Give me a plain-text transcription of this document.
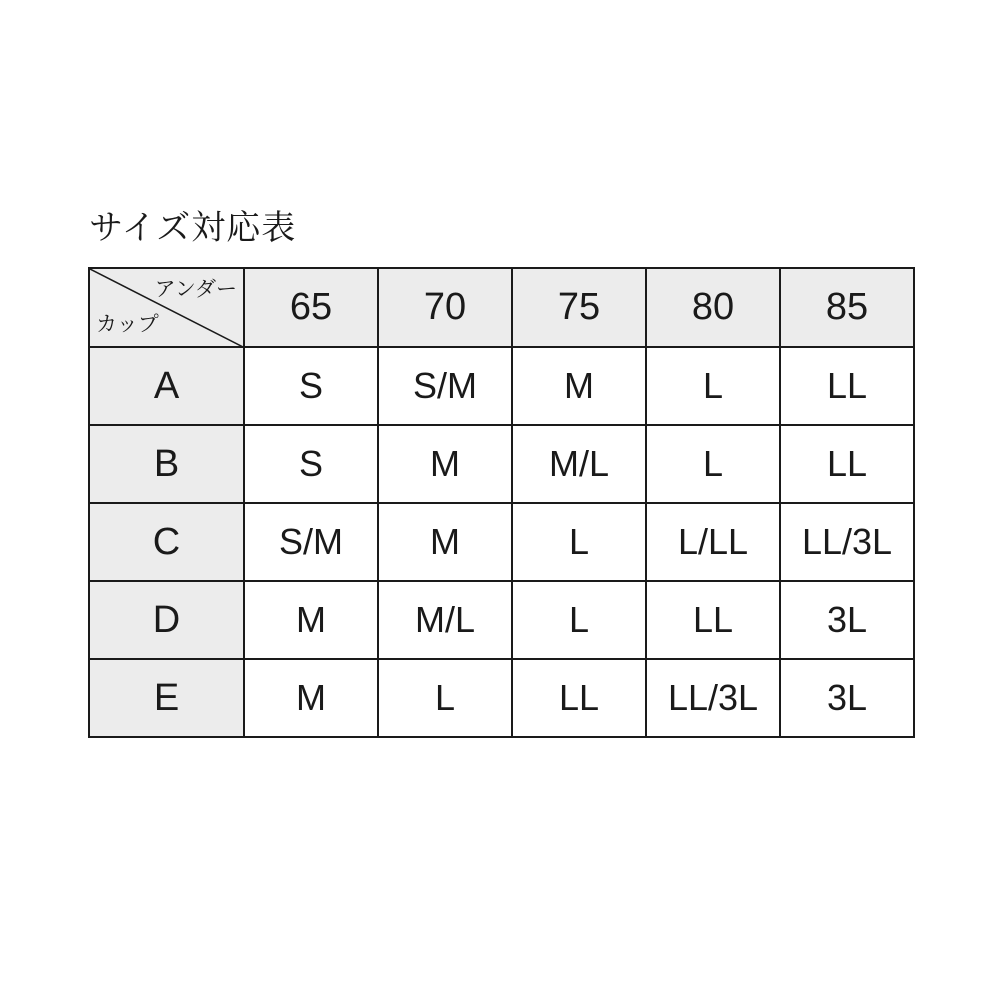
サイズ対応表
アンダー
カップ	65	70	75	80	85
A	S	S/M	M	L	LL
B	S	M	M/L	L	LL
C	S/M	M	L	L/LL	LL/3L
D	M	M/L	L	LL	3L
E	M	L	LL	LL/3L	3L
